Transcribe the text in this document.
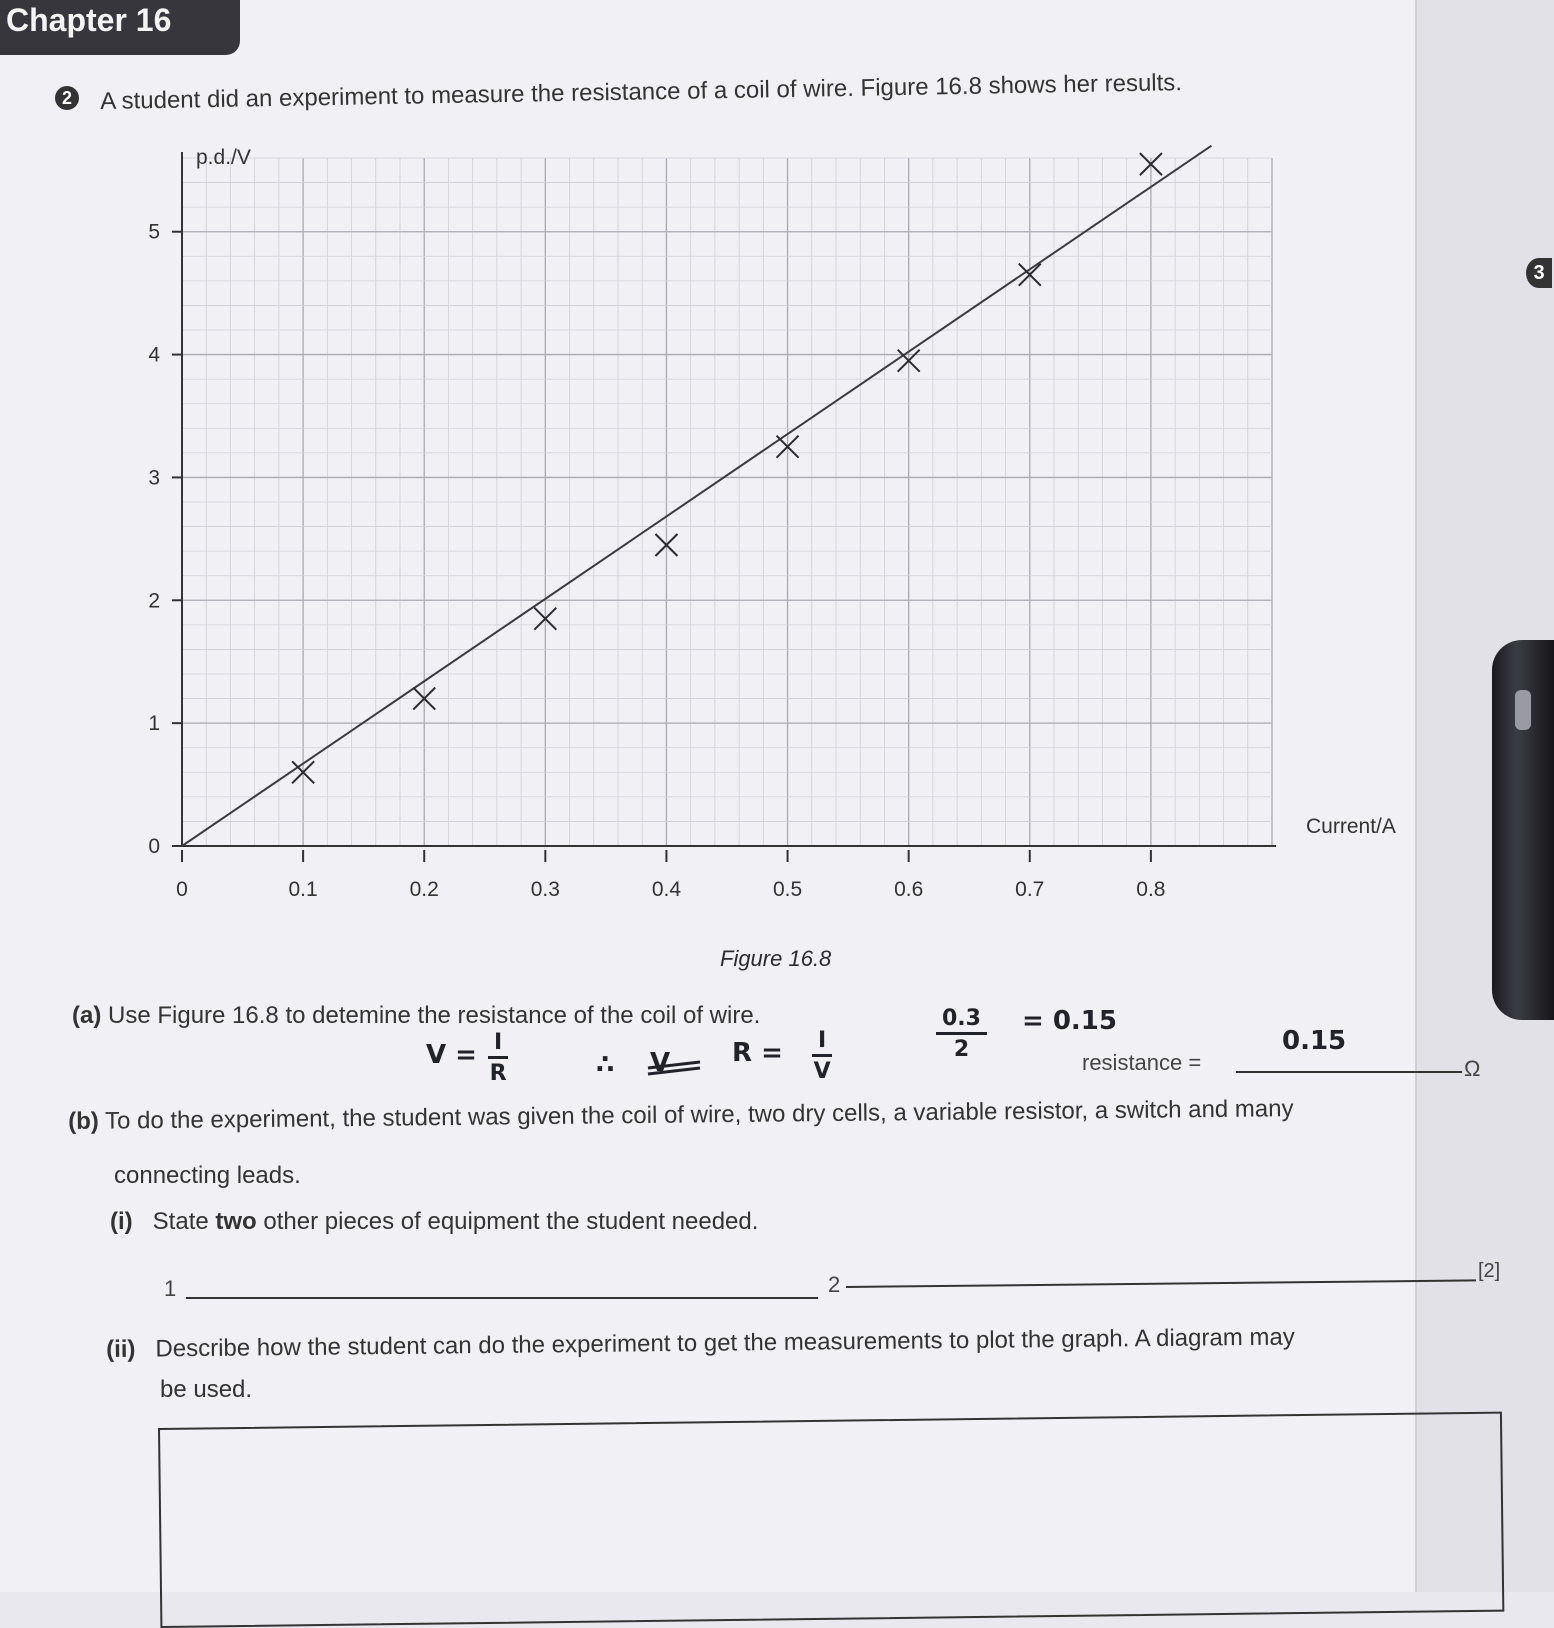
3
Chapter 16
2 A student did an experiment to measure the resistance of a coil of wire. Figure 16.8 shows her results.
0	0.1	0.2	0.3	0.4	0.5	0.6	0.7	0.8
0
1
2
3
4
5
p.d./V
Current/A
Figure 16.8
(a) Use Figure 16.8 to detemine the resistance of the coil of wire.
$V = \frac{I}{R}$	∴ V $R = \frac{I}{V}$	$\frac{0.3}{2} = 0.15$
resistance =
0.15
Ω
(b) To do the experiment, the student was given the coil of wire, two dry cells, a variable resistor, a switch and many
connecting leads.
(i) State two other pieces of equipment the student needed.
1	2
[2]
(ii) Describe how the student can do the experiment to get the measurements to plot the graph. A diagram may
be used.
